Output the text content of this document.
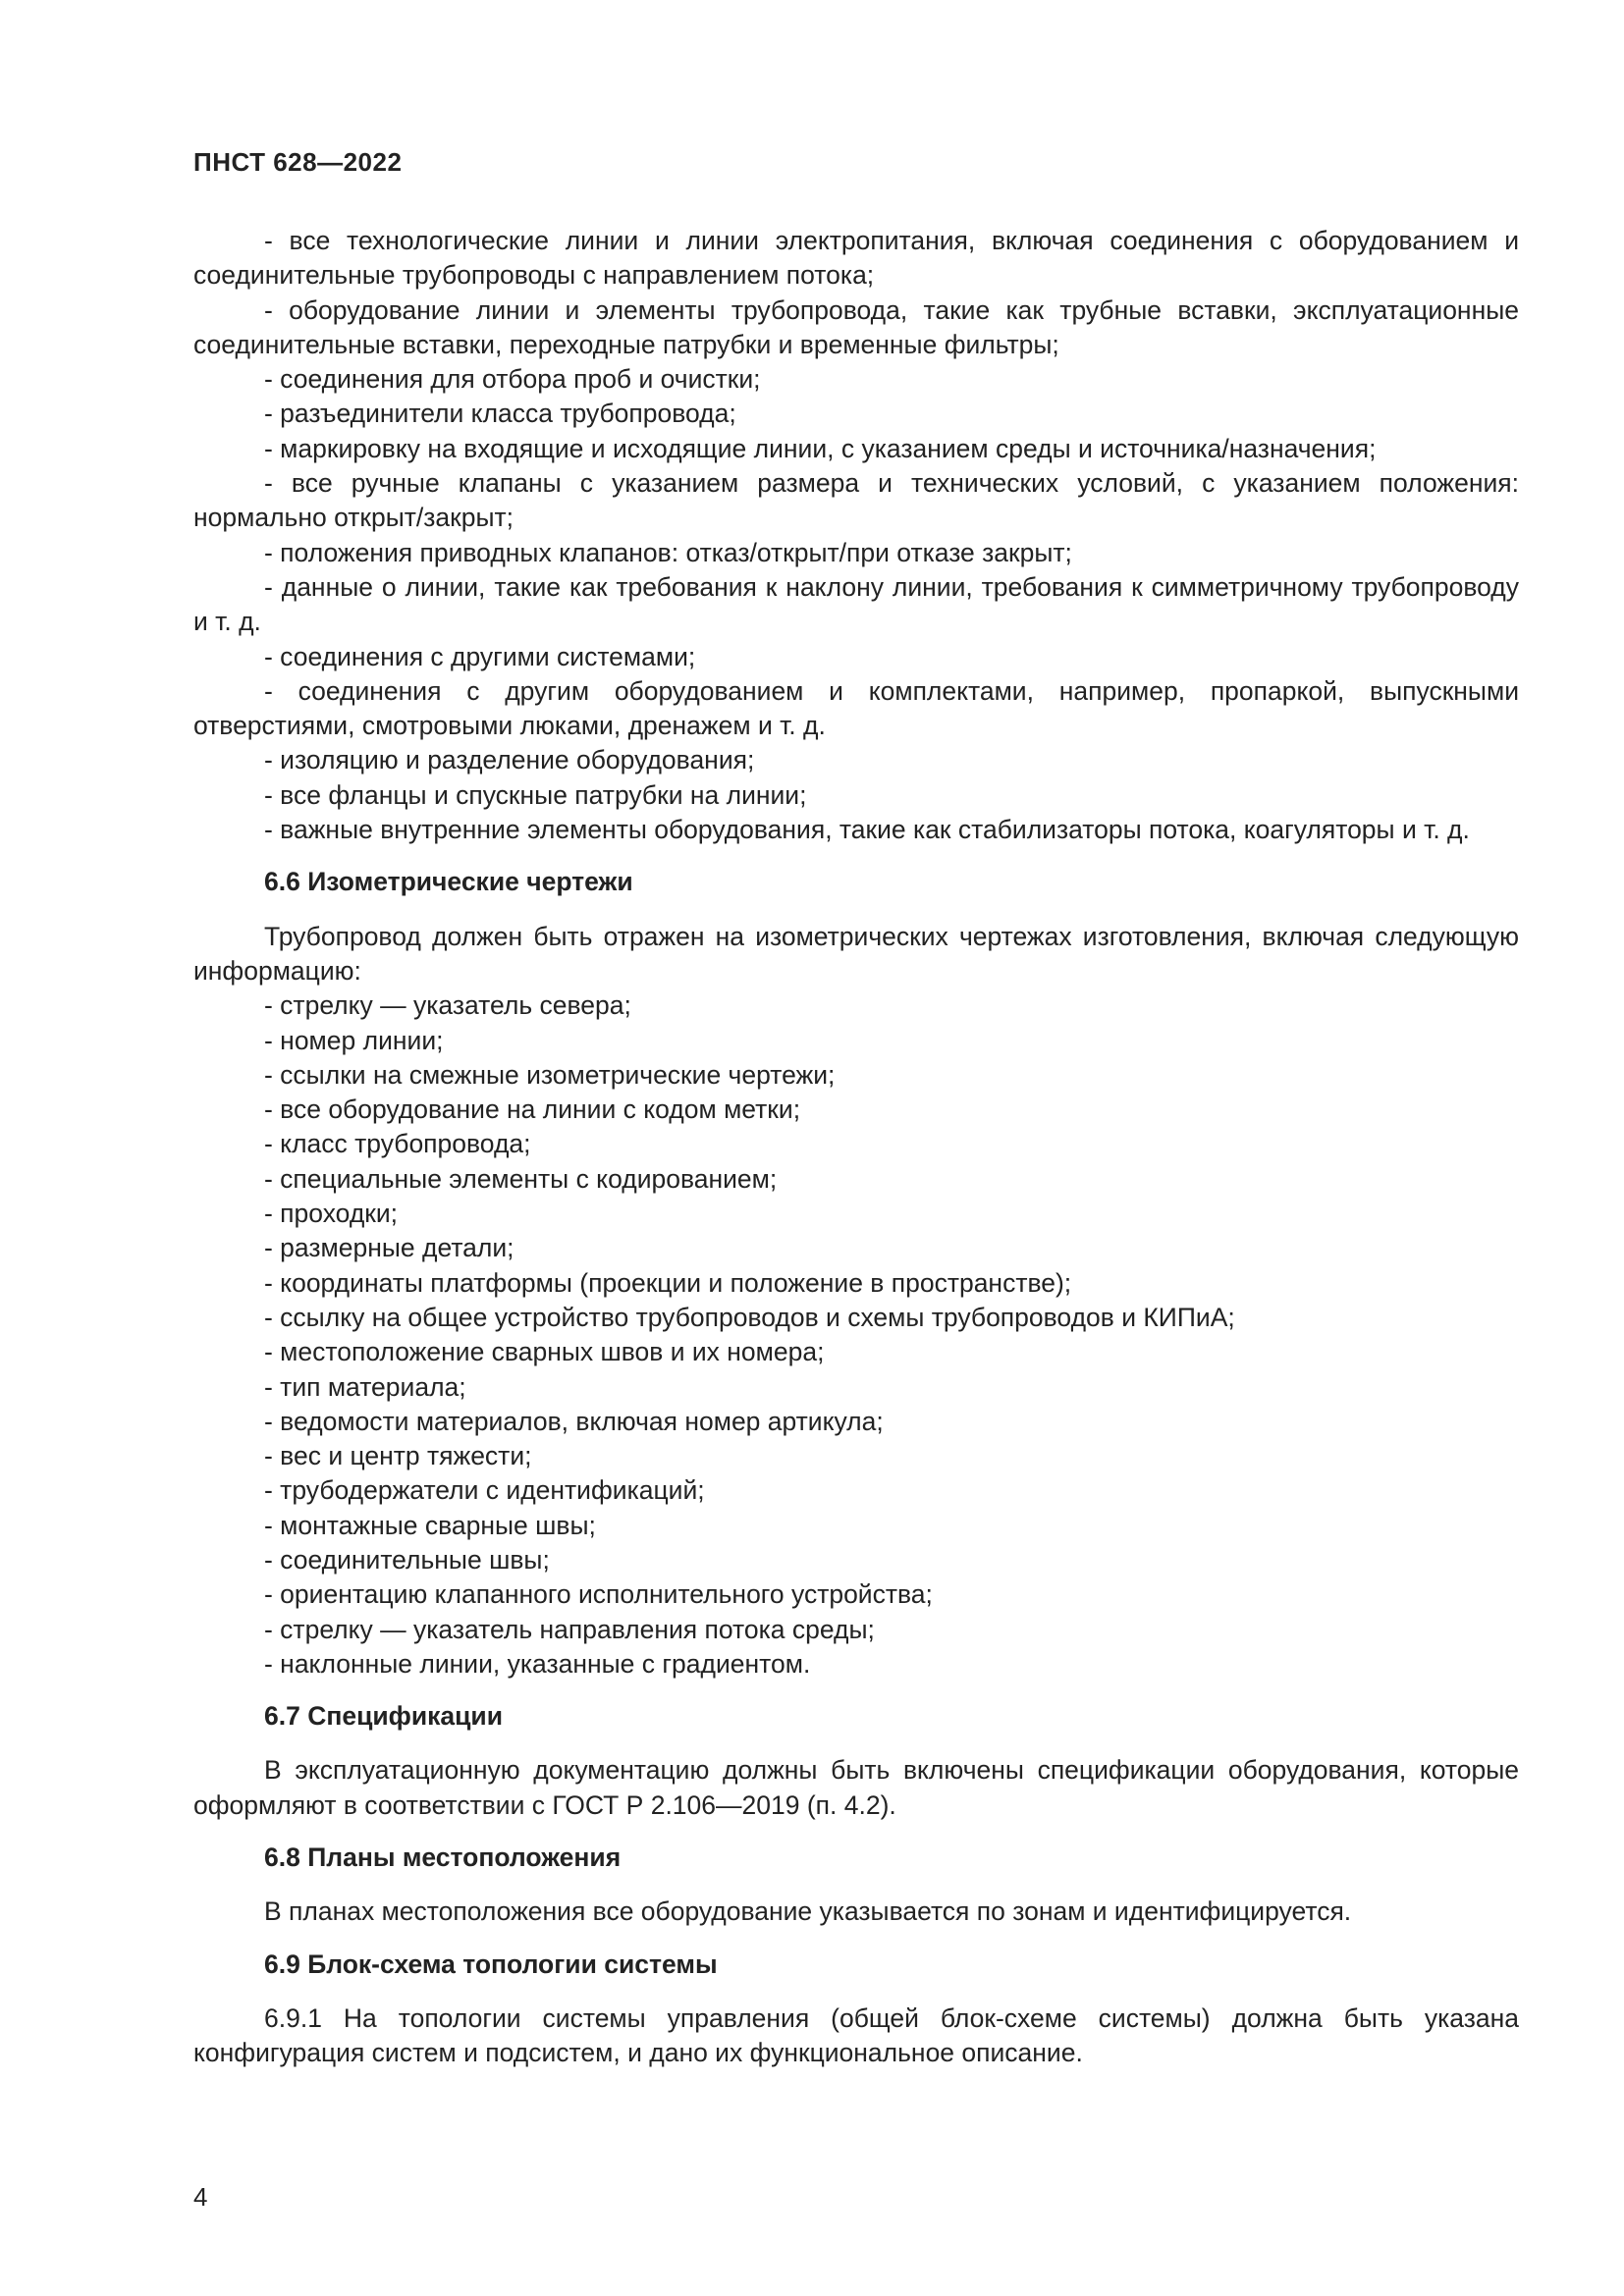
ПНСТ 628—2022

- все технологические линии и линии электропитания, включая соединения с оборудованием и соединительные трубопроводы с направлением потока;

- оборудование линии и элементы трубопровода, такие как трубные вставки, эксплуатационные соединительные вставки, переходные патрубки и временные фильтры;

- соединения для отбора проб и очистки;

- разъединители класса трубопровода;

- маркировку на входящие и исходящие линии, с указанием среды и источника/назначения;

- все ручные клапаны с указанием размера и технических условий, с указанием положения: нормально открыт/закрыт;

- положения приводных клапанов: отказ/открыт/при отказе закрыт;

- данные о линии, такие как требования к наклону линии, требования к симметричному трубопроводу и т. д.

- соединения с другими системами;

- соединения с другим оборудованием и комплектами, например, пропаркой, выпускными отверстиями, смотровыми люками, дренажем и т. д.

- изоляцию и разделение оборудования;

- все фланцы и спускные патрубки на линии;

- важные внутренние элементы оборудования, такие как стабилизаторы потока, коагуляторы и т. д.

6.6 Изометрические чертежи

Трубопровод должен быть отражен на изометрических чертежах изготовления, включая следующую информацию:

- стрелку — указатель севера;

- номер линии;

- ссылки на смежные изометрические чертежи;

- все оборудование на линии с кодом метки;

- класс трубопровода;

- специальные элементы с кодированием;

- проходки;

- размерные детали;

- координаты платформы (проекции и положение в пространстве);

- ссылку на общее устройство трубопроводов и схемы трубопроводов и КИПиА;

- местоположение сварных швов и их номера;

- тип материала;

- ведомости материалов, включая номер артикула;

- вес и центр тяжести;

- трубодержатели с идентификаций;

- монтажные сварные швы;

- соединительные швы;

- ориентацию клапанного исполнительного устройства;

- стрелку — указатель направления потока среды;

- наклонные линии, указанные с градиентом.

6.7 Спецификации

В эксплуатационную документацию должны быть включены спецификации оборудования, которые оформляют в соответствии с ГОСТ Р 2.106—2019 (п. 4.2).

6.8 Планы местоположения

В планах местоположения все оборудование указывается по зонам и идентифицируется.

6.9 Блок-схема топологии системы

6.9.1 На топологии системы управления (общей блок-схеме системы) должна быть указана конфигурация систем и подсистем, и дано их функциональное описание.

4
